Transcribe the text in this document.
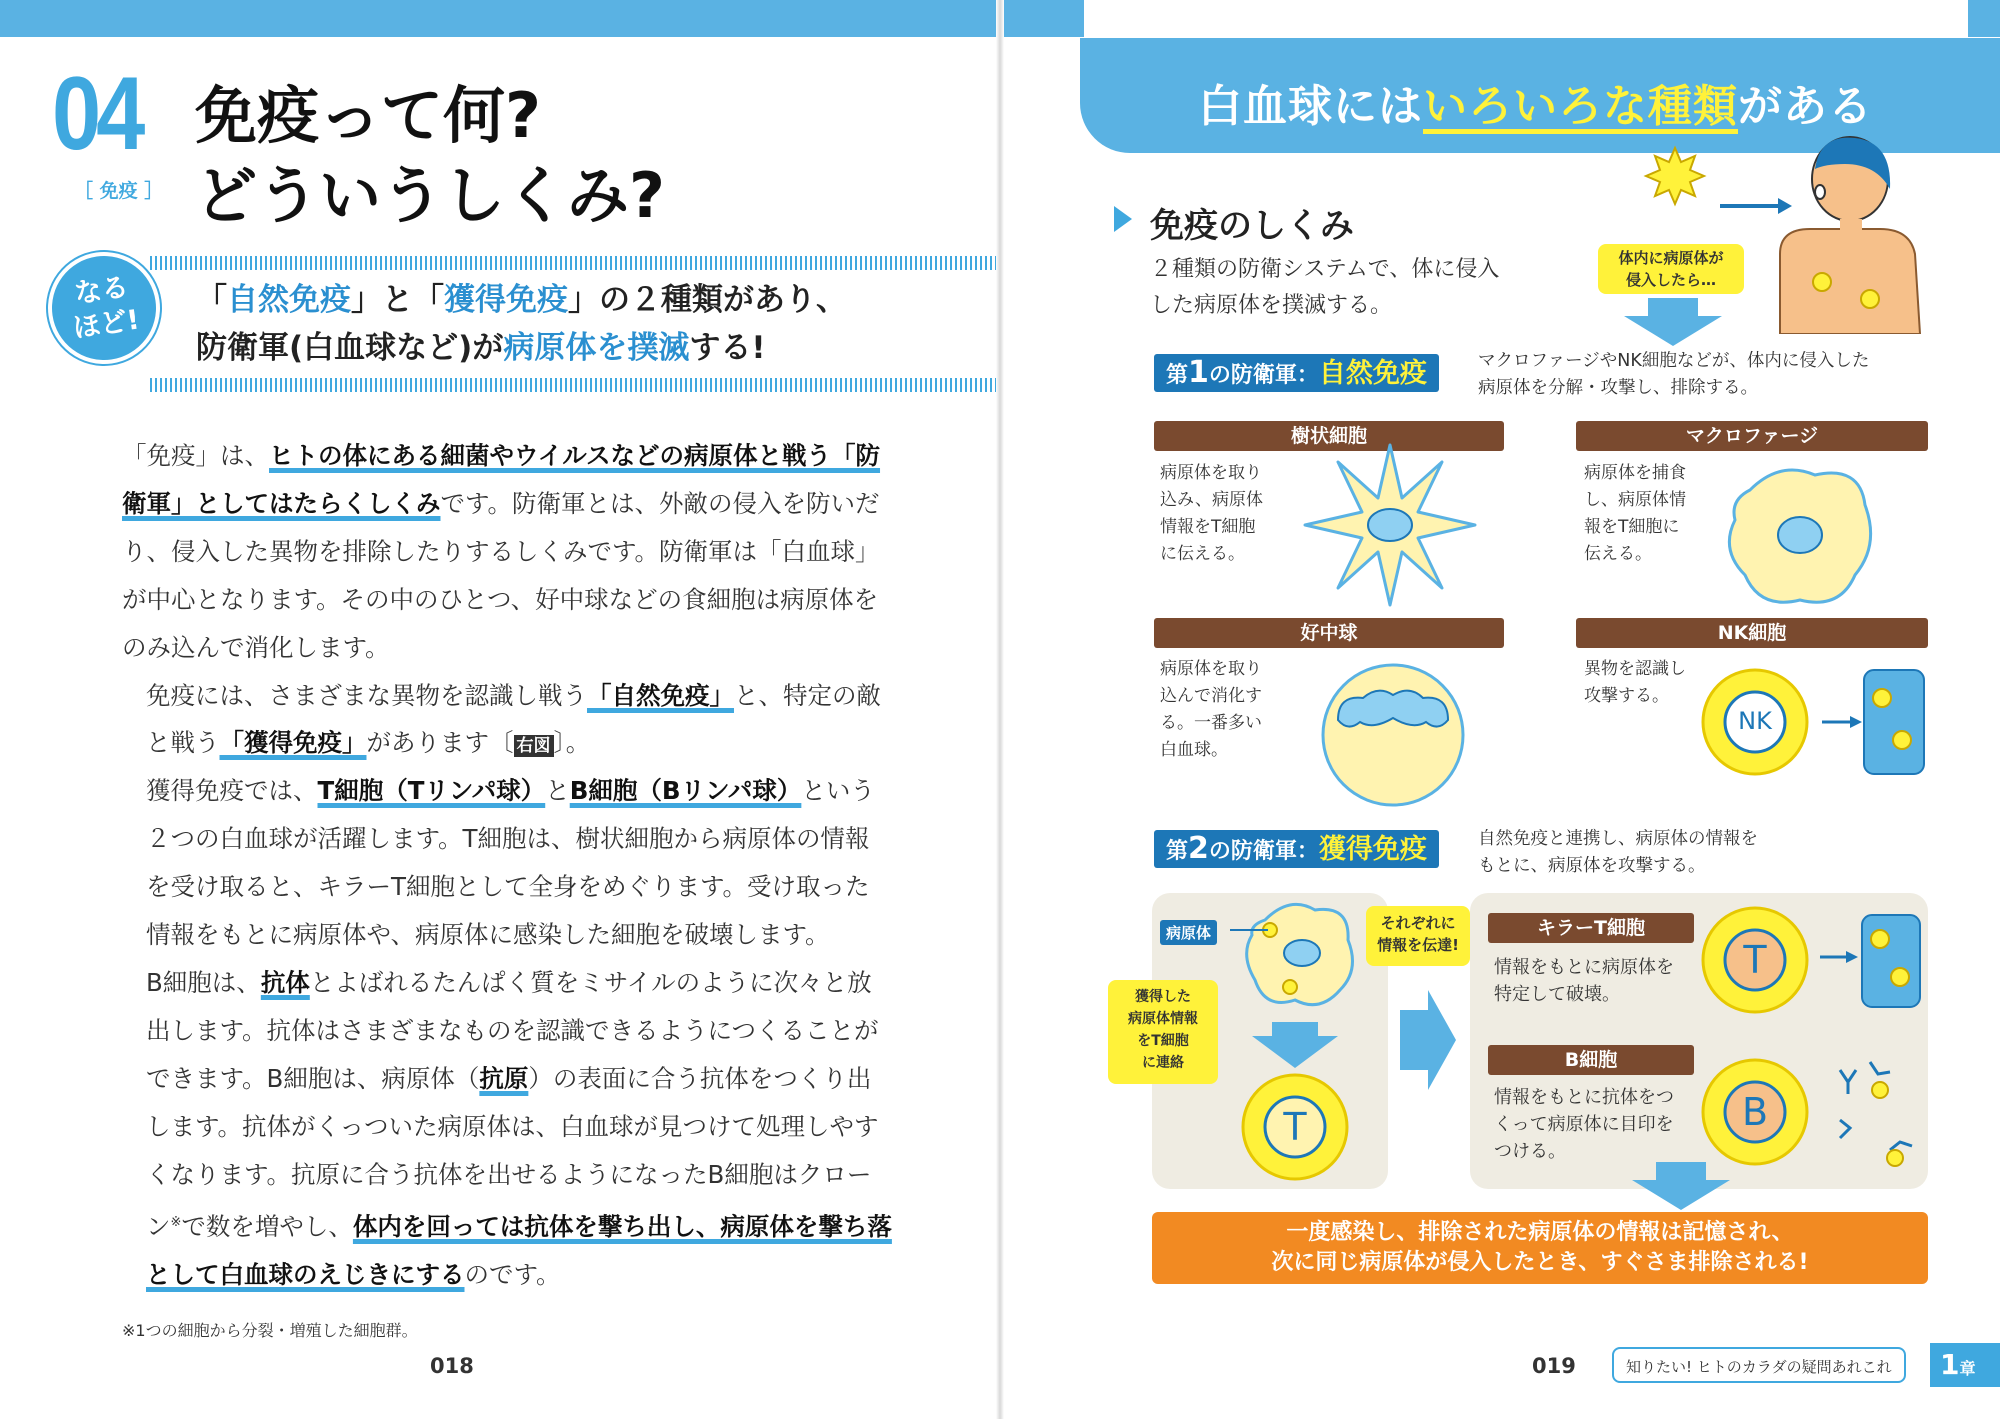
04
［ 免疫 ］
免疫って何?
どういうしくみ?
なる
ほど!
「自然免疫」と「獲得免疫」の２種類があり、
防衛軍(白血球など)が病原体を撲滅する!

「免疫」は、ヒトの体にある細菌やウイルスなどの病原体と戦う「防衛軍」としてはたらくしくみです。防衛軍とは、外敵の侵入を防いだり、侵入した異物を排除したりするしくみです。防衛軍は「白血球」が中心となります。その中のひとつ、好中球などの食細胞は病原体をのみ込んで消化します。

免疫には、さまざまな異物を認識し戦う「自然免疫」と、特定の敵と戦う「獲得免疫」があります〔 右図 〕。

獲得免疫では、T細胞（Tリンパ球）とB細胞（Bリンパ球）という２つの白血球が活躍します。T細胞は、樹状細胞から病原体の情報を受け取ると、キラーT細胞として全身をめぐります。受け取った情報をもとに病原体や、病原体に感染した細胞を破壊します。

B細胞は、抗体とよばれるたんぱく質をミサイルのように次々と放出します。抗体はさまざまなものを認識できるようにつくることができます。B細胞は、病原体（抗原）の表面に合う抗体をつくり出します。抗体がくっついた病原体は、白血球が見つけて処理しやすくなります。抗原に合う抗体を出せるようになったB細胞はクローン※で数を増やし、体内を回っては抗体を撃ち出し、病原体を撃ち落として白血球のえじきにするのです。

※1つの細胞から分裂・増殖した細胞群。
018
白血球にはいろいろな種類がある
免疫のしくみ
２種類の防衛システムで、体に侵入
した病原体を撲滅する。
体内に病原体が
侵入したら…
第1の防衛軍：自然免疫	マクロファージやNK細胞などが、体内に侵入した
病原体を分解・攻撃し、排除する。
樹状細胞
病原体を取り
込み、病原体
情報をT細胞
に伝える。
マクロファージ
病原体を捕食
し、病原体情
報をT細胞に
伝える。
好中球
病原体を取り
込んで消化す
る。一番多い
白血球。
NK細胞
異物を認識し
攻撃する。
NK
第2の防衛軍：獲得免疫	自然免疫と連携し、病原体の情報を
もとに、病原体を攻撃する。
病原体
それぞれに
情報を伝達!
獲得した
病原体情報
をT細胞
に連絡
T
キラーT細胞
情報をもとに病原体を
特定して破壊。
T
B細胞
情報をもとに抗体をつ
くって病原体に目印を
つける。
B
一度感染し、排除された病原体の情報は記憶され、
次に同じ病原体が侵入したとき、すぐさま排除される!
019	知りたい! ヒトのカラダの疑問あれこれ	1章
